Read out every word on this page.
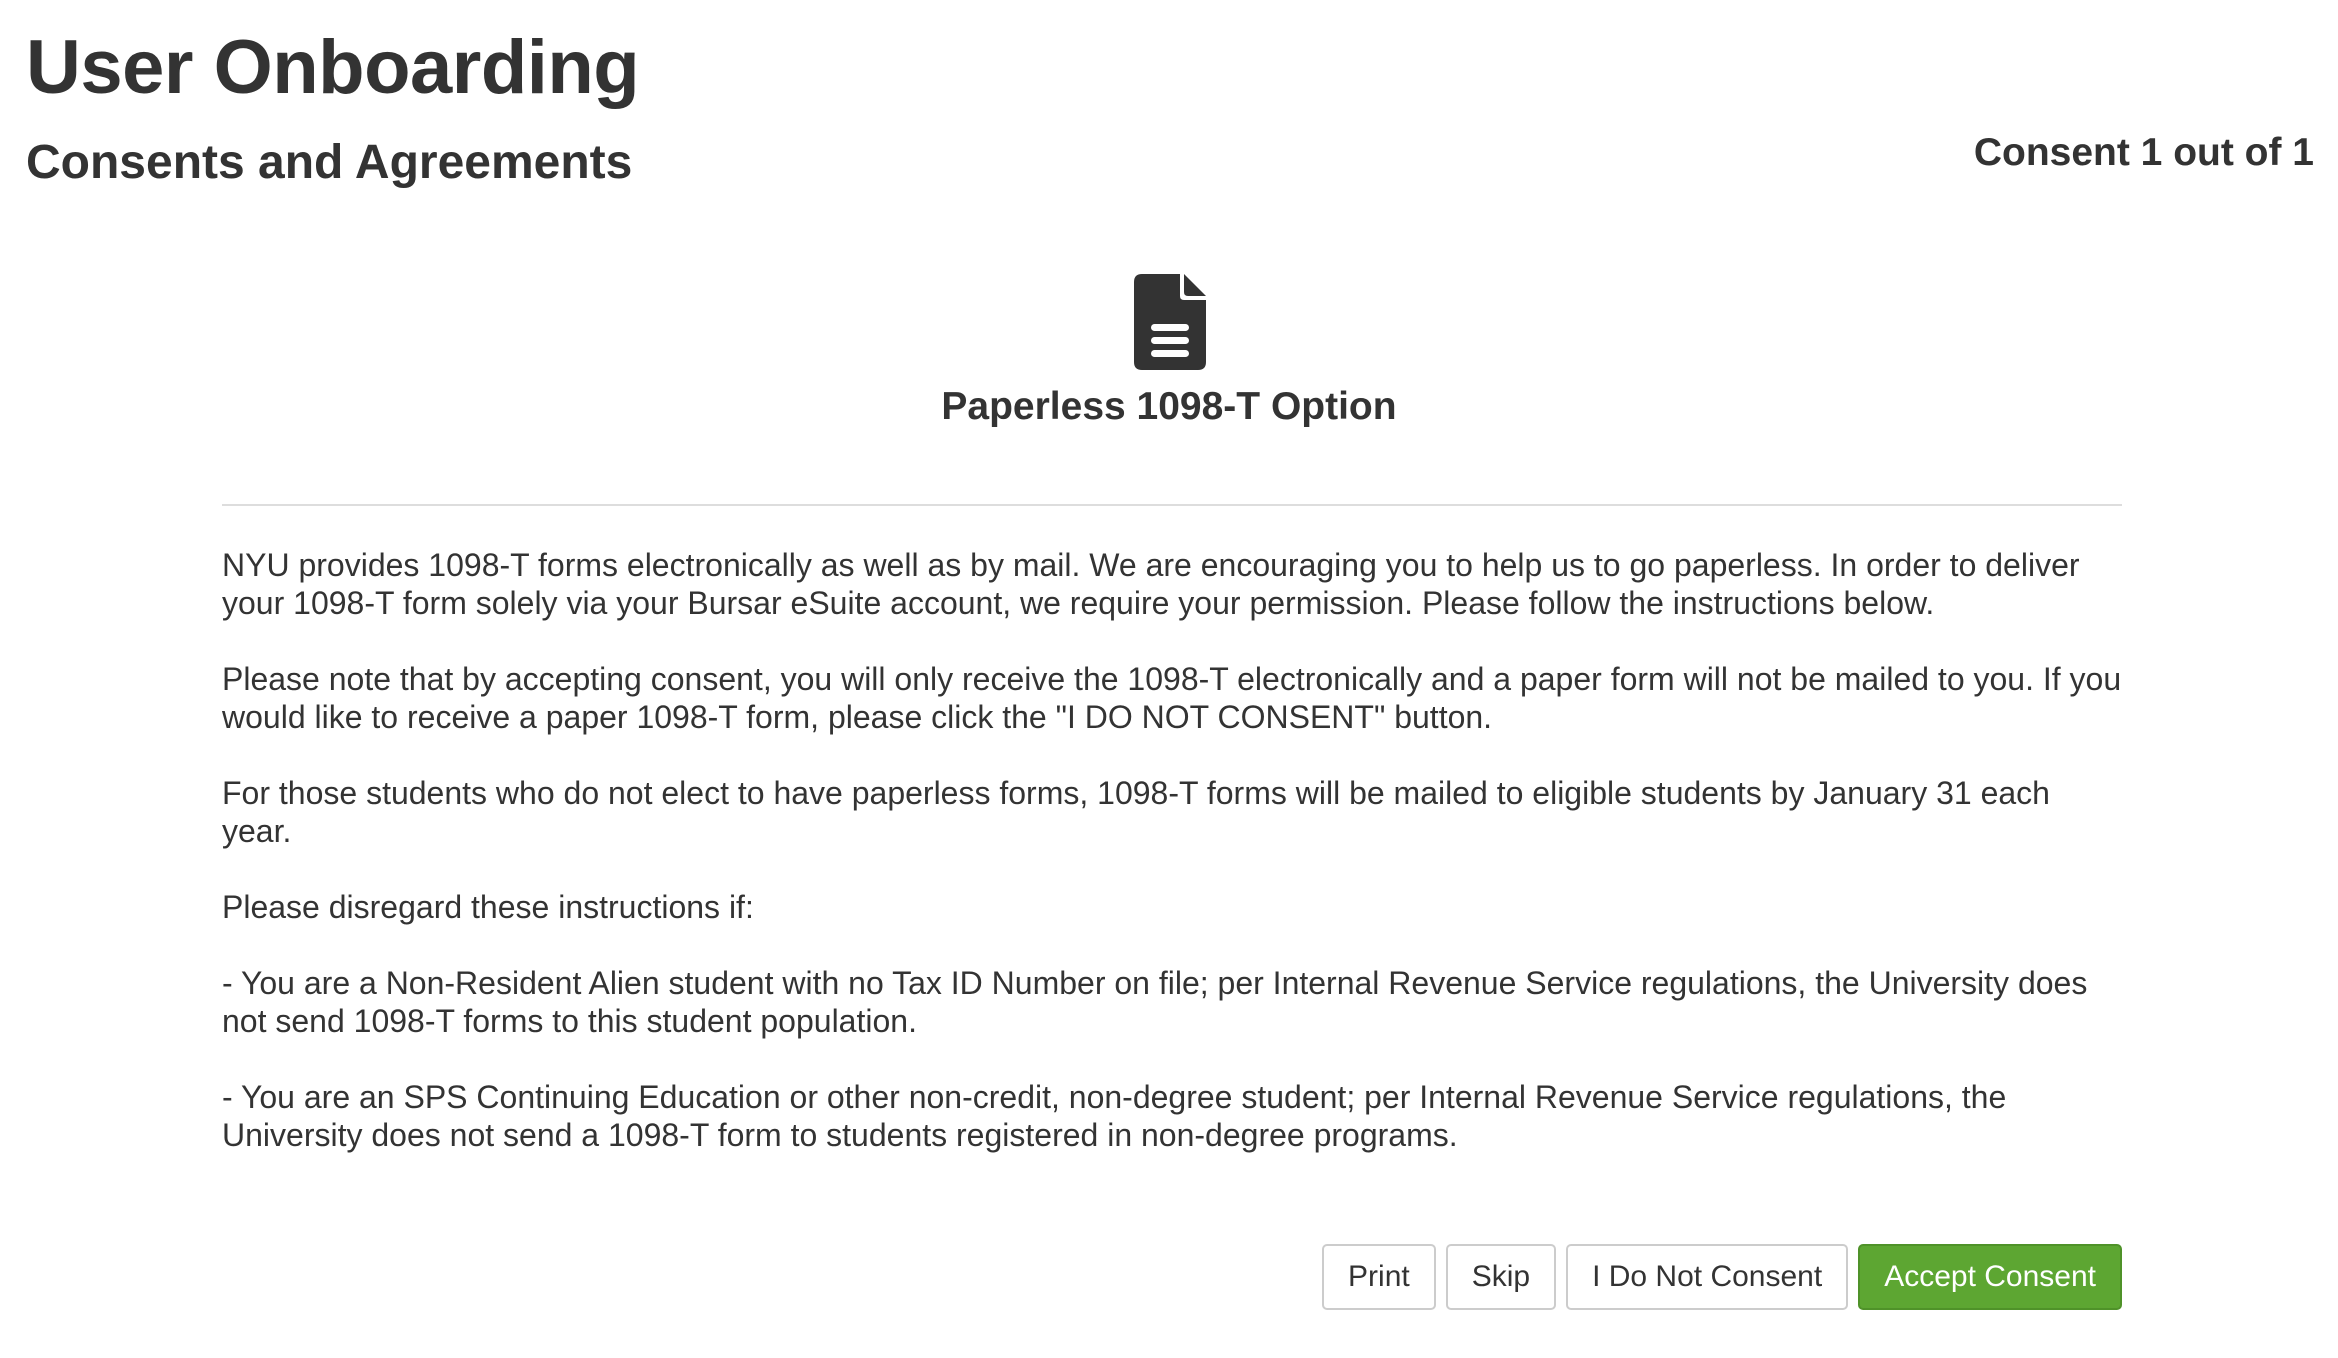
User Onboarding
Consents and Agreements	Consent 1 out of 1
Paperless 1098-T Option

NYU provides 1098-T forms electronically as well as by mail. We are encouraging you to help us to go paperless. In order to deliver your 1098-T form solely via your Bursar eSuite account, we require your permission. Please follow the instructions below.

Please note that by accepting consent, you will only receive the 1098-T electronically and a paper form will not be mailed to you. If you would like to receive a paper 1098-T form, please click the "I DO NOT CONSENT" button.

For those students who do not elect to have paperless forms, 1098-T forms will be mailed to eligible students by January 31 each year.

Please disregard these instructions if:

- You are a Non-Resident Alien student with no Tax ID Number on file; per Internal Revenue Service regulations, the University does not send 1098-T forms to this student population.

- You are an SPS Continuing Education or other non-credit, non-degree student; per Internal Revenue Service regulations, the University does not send a 1098-T form to students registered in non-degree programs.

Print	Skip	I Do Not Consent	Accept Consent
